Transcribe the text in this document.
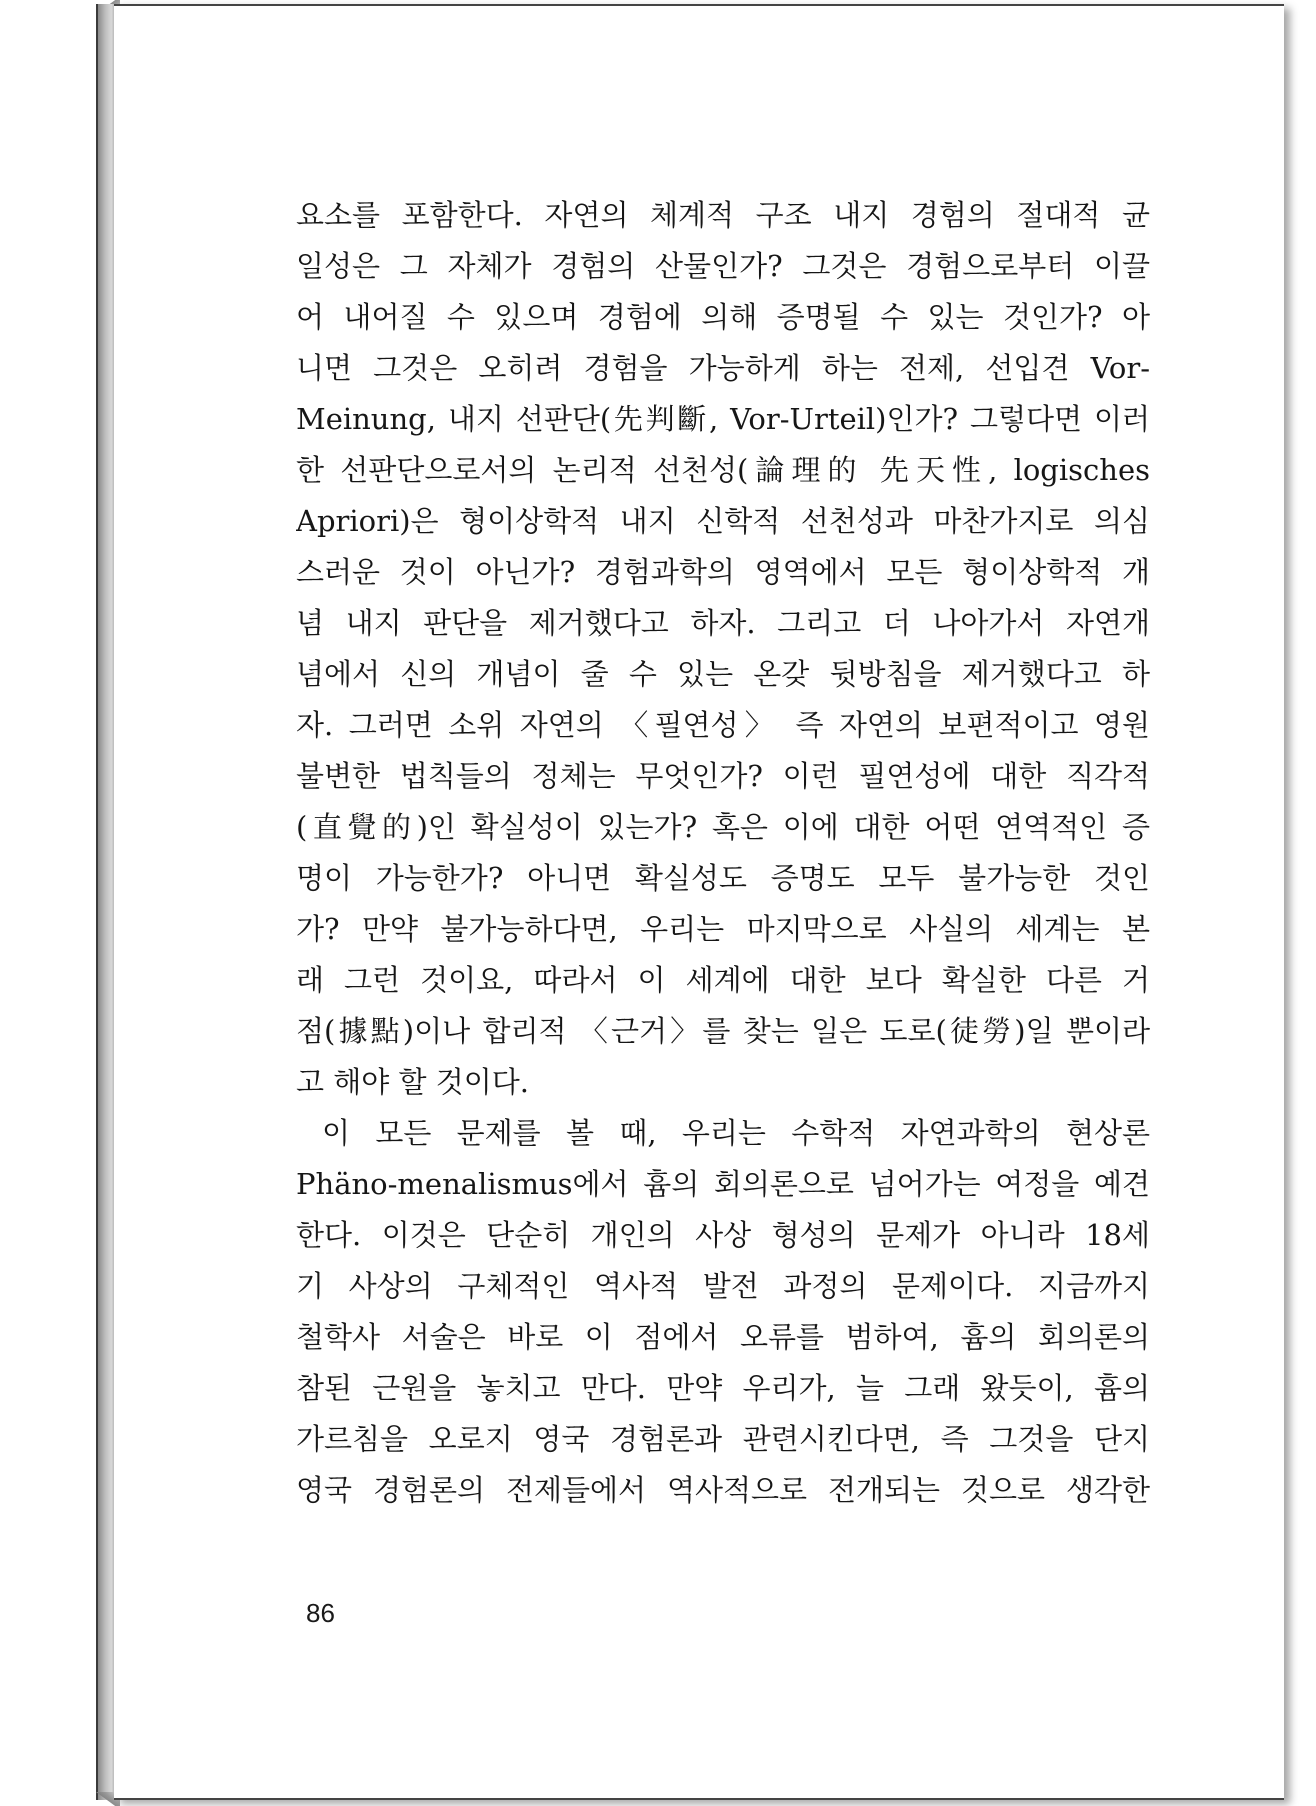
요소를 포함한다. 자연의 체계적 구조 내지 경험의 절대적 균
일성은 그 자체가 경험의 산물인가? 그것은 경험으로부터 이끌
어 내어질 수 있으며 경험에 의해 증명될 수 있는 것인가? 아
니면 그것은 오히려 경험을 가능하게 하는 전제, 선입견 Vor-
Meinung, 내지 선판단(先判斷, Vor-Urteil)인가? 그렇다면 이러
한 선판단으로서의 논리적 선천성(論理的 先天性, logisches
Apriori)은 형이상학적 내지 신학적 선천성과 마찬가지로 의심
스러운 것이 아닌가? 경험과학의 영역에서 모든 형이상학적 개
념 내지 판단을 제거했다고 하자. 그리고 더 나아가서 자연개
념에서 신의 개념이 줄 수 있는 온갖 뒷방침을 제거했다고 하
자. 그러면 소위 자연의 〈필연성〉 즉 자연의 보편적이고 영원
불변한 법칙들의 정체는 무엇인가? 이런 필연성에 대한 직각적
(直覺的)인 확실성이 있는가? 혹은 이에 대한 어떤 연역적인 증
명이 가능한가? 아니면 확실성도 증명도 모두 불가능한 것인
가? 만약 불가능하다면, 우리는 마지막으로 사실의 세계는 본
래 그런 것이요, 따라서 이 세계에 대한 보다 확실한 다른 거
점(據點)이나 합리적 〈근거〉를 찾는 일은 도로(徒勞)일 뿐이라
고 해야 할 것이다.
이 모든 문제를 볼 때, 우리는 수학적 자연과학의 현상론
Phäno-menalismus에서 흄의 회의론으로 넘어가는 여정을 예견
한다. 이것은 단순히 개인의 사상 형성의 문제가 아니라 18세
기 사상의 구체적인 역사적 발전 과정의 문제이다. 지금까지
철학사 서술은 바로 이 점에서 오류를 범하여, 흄의 회의론의
참된 근원을 놓치고 만다. 만약 우리가, 늘 그래 왔듯이, 흄의
가르침을 오로지 영국 경험론과 관련시킨다면, 즉 그것을 단지
영국 경험론의 전제들에서 역사적으로 전개되는 것으로 생각한
86
